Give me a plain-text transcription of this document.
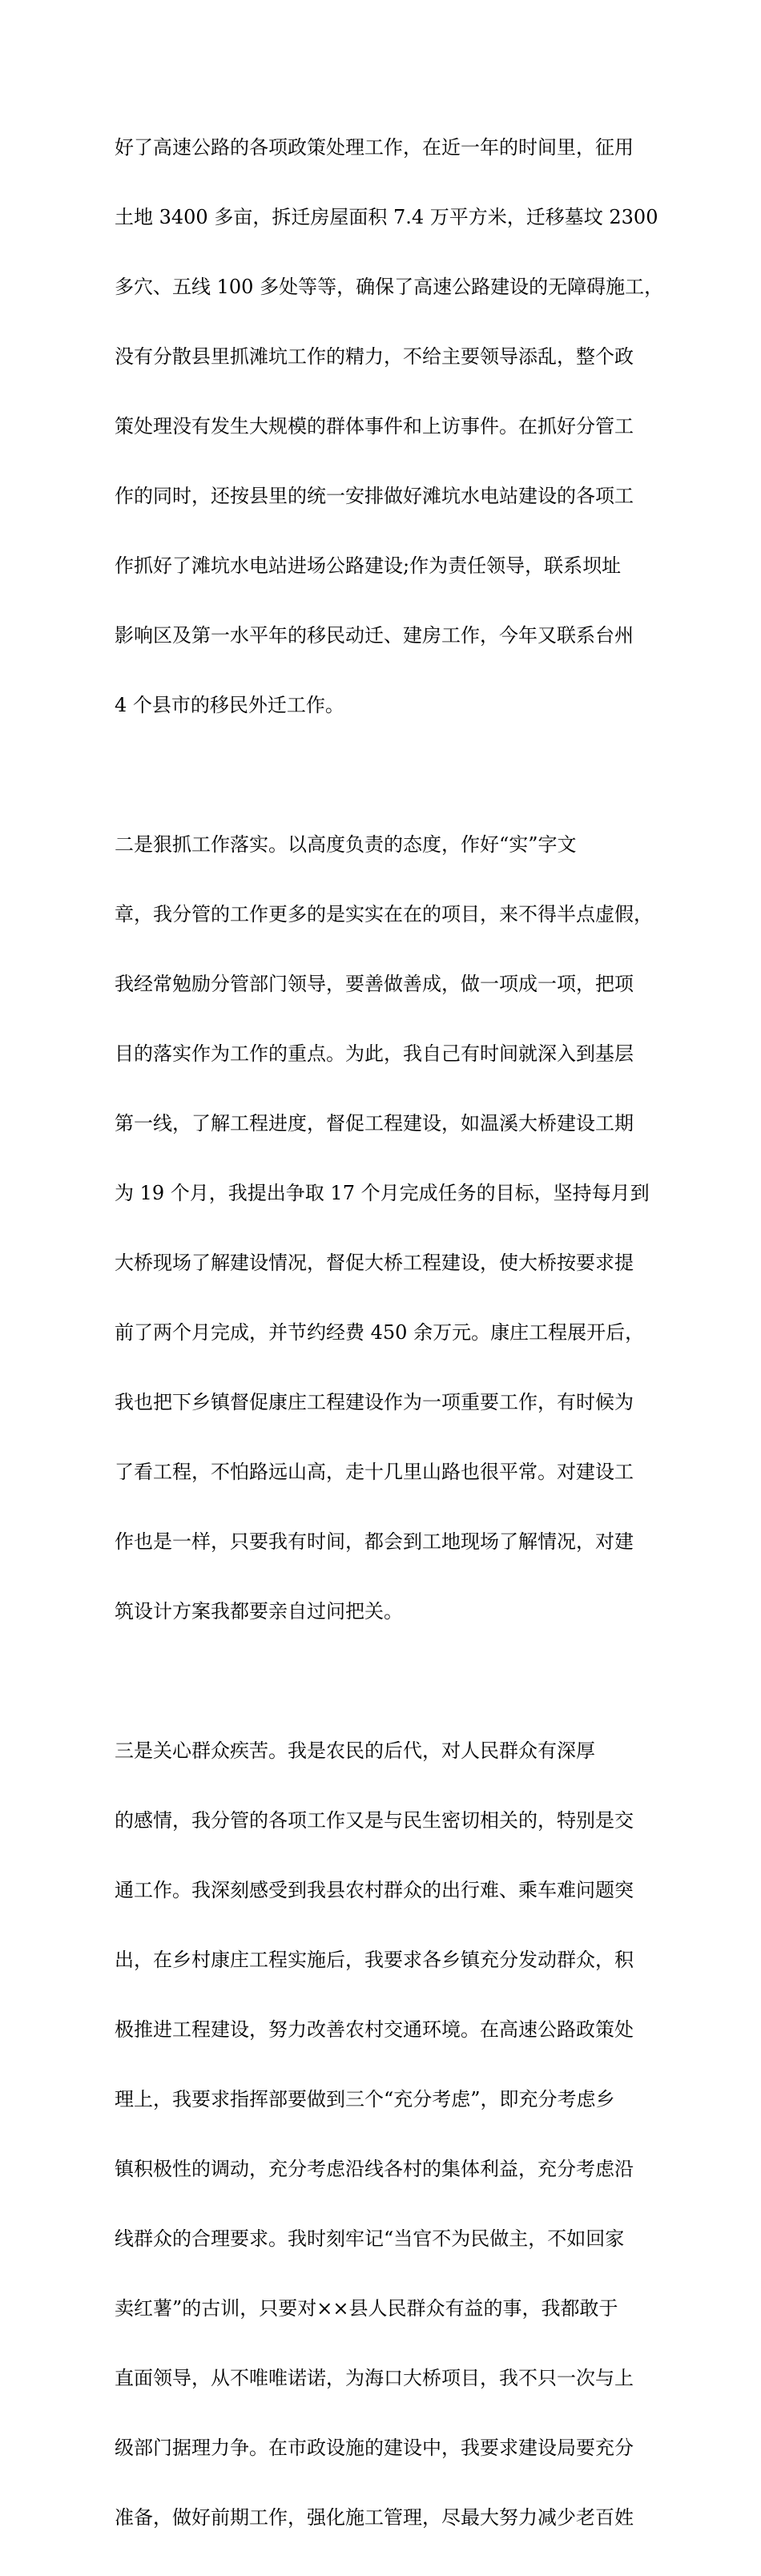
好了高速公路的各项政策处理工作，在近一年的时间里，征用

土地 3400 多亩，拆迁房屋面积 7.4 万平方米，迁移墓坟 2300

多穴、五线 100 多处等等，确保了高速公路建设的无障碍施工，

没有分散县里抓滩坑工作的精力，不给主要领导添乱，整个政

策处理没有发生大规模的群体事件和上访事件。在抓好分管工

作的同时，还按县里的统一安排做好滩坑水电站建设的各项工

作抓好了滩坑水电站进场公路建设;作为责任领导，联系坝址

影响区及第一水平年的移民动迁、建房工作，今年又联系台州

4 个县市的移民外迁工作。

二是狠抓工作落实。以高度负责的态度，作好“实”字文

章，我分管的工作更多的是实实在在的项目，来不得半点虚假，

我经常勉励分管部门领导，要善做善成，做一项成一项，把项

目的落实作为工作的重点。为此，我自己有时间就深入到基层

第一线，了解工程进度，督促工程建设，如温溪大桥建设工期

为 19 个月，我提出争取 17 个月完成任务的目标，坚持每月到

大桥现场了解建设情况，督促大桥工程建设，使大桥按要求提

前了两个月完成，并节约经费 450 余万元。康庄工程展开后，

我也把下乡镇督促康庄工程建设作为一项重要工作，有时候为

了看工程，不怕路远山高，走十几里山路也很平常。对建设工

作也是一样，只要我有时间，都会到工地现场了解情况，对建

筑设计方案我都要亲自过问把关。

三是关心群众疾苦。我是农民的后代，对人民群众有深厚

的感情，我分管的各项工作又是与民生密切相关的，特别是交

通工作。我深刻感受到我县农村群众的出行难、乘车难问题突

出，在乡村康庄工程实施后，我要求各乡镇充分发动群众，积

极推进工程建设，努力改善农村交通环境。在高速公路政策处

理上，我要求指挥部要做到三个“充分考虑”，即充分考虑乡

镇积极性的调动，充分考虑沿线各村的集体利益，充分考虑沿

线群众的合理要求。我时刻牢记“当官不为民做主，不如回家

卖红薯”的古训，只要对××县人民群众有益的事，我都敢于

直面领导，从不唯唯诺诺，为海口大桥项目，我不只一次与上

级部门据理力争。在市政设施的建设中，我要求建设局要充分

准备，做好前期工作，强化施工管理，尽最大努力减少老百姓
